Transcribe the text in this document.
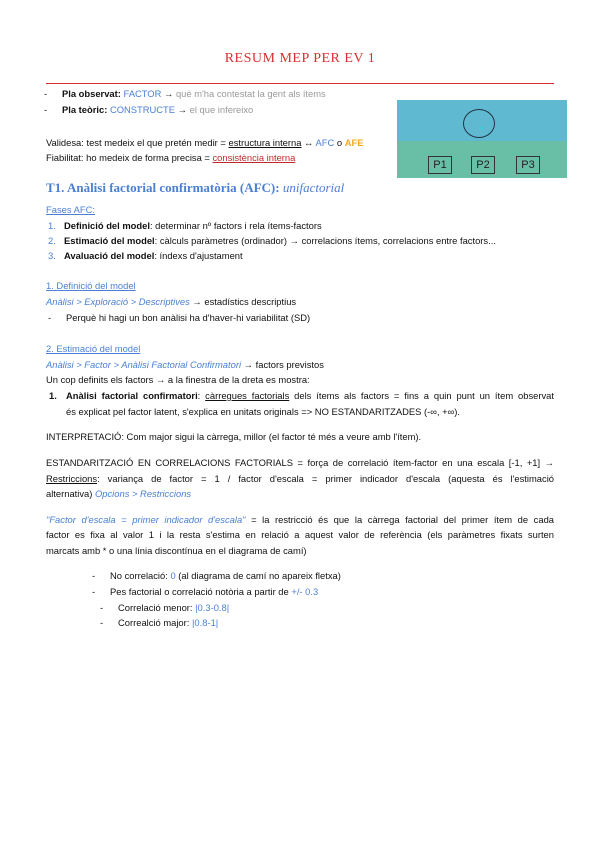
RESUM MEP PER EV 1
- Pla observat: FACTOR → què m'ha contestat la gent als ítems
- Pla teòric: CONSTRUCTE → el que infereixo
Validesa: test medeix el que pretén medir = estructura interna ↔ AFC o AFE
Fiabilitat: ho medeix de forma precisa = consistència interna
P1	P2	P3
T1. Anàlisi factorial confirmatòria (AFC): unifactorial
Fases AFC:
1. Definició del model: determinar nº factors i rela ítems-factors
2. Estimació del model: càlculs paràmetres (ordinador) → correlacions ítems, correlacions entre factors...
3. Avaluació del model: índexs d'ajustament
1. Definició del model
Anàlisi > Exploració > Descriptives → estadístics descriptius
- Perquè hi hagi un bon anàlisi ha d'haver-hi variabilitat (SD)
2. Estimació del model
Anàlisi > Factor > Anàlisi Factorial Confirmatori → factors previstos
Un cop definits els factors → a la finestra de la dreta es mostra:
1. Anàlisi factorial confirmatori: càrregues factorials dels ítems als factors = fins a quin punt un ítem observat
és explicat pel factor latent, s'explica en unitats originals => NO ESTANDARITZADES (-∞, +∞).
INTERPRETACIÓ: Com major sigui la càrrega, millor (el factor té més a veure amb l'ítem).
ESTANDARITZACIÓ EN CORRELACIONS FACTORIALS = força de correlació ítem-factor en una escala [-1, +1] →
Restriccions: variança de factor = 1 / factor d'escala = primer indicador d'escala (aquesta és l'estimació
alternativa) Opcions > Restriccions
"Factor d'escala = primer indicador d'escala" = la restricció és que la càrrega factorial del primer ítem de cada
factor es fixa al valor 1 i la resta s'estima en relació a aquest valor de referència (els paràmetres fixats surten
marcats amb * o una línia discontínua en el diagrama de camí)
- No correlació: 0 (al diagrama de camí no apareix fletxa)
- Pes factorial o correlació notòria a partir de +/- 0.3
- Correlació menor: |0.3-0.8|
- Correalció major: |0.8-1|
